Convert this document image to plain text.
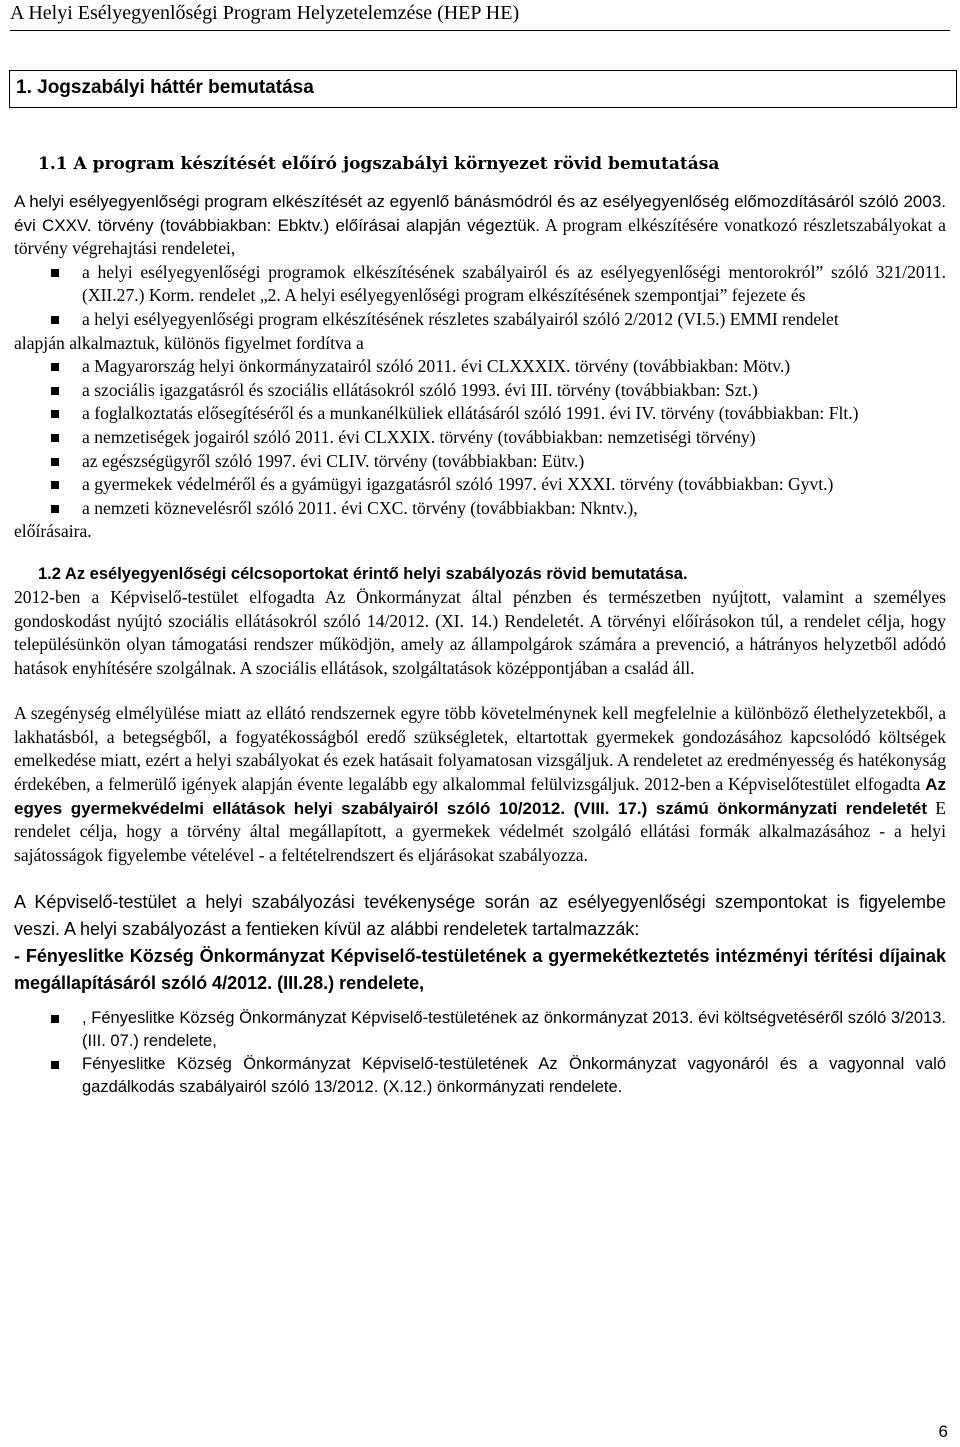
A Helyi Esélyegyenlőségi Program Helyzetelemzése (HEP HE)
1. Jogszabályi háttér bemutatása
1.1 A program készítését előíró jogszabályi környezet rövid bemutatása

A helyi esélyegyenlőségi program elkészítését az egyenlő bánásmódról és az esélyegyenlőség előmozdításáról szóló 2003. évi CXXV. törvény (továbbiakban: Ebktv.) előírásai alapján végeztük. A program elkészítésére vonatkozó részletszabályokat a törvény végrehajtási rendeletei,

a helyi esélyegyenlőségi programok elkészítésének szabályairól és az esélyegyenlőségi mentorokról” szóló 321/2011. (XII.27.) Korm. rendelet „2. A helyi esélyegyenlőségi program elkészítésének szempontjai” fejezete és
a helyi esélyegyenlőségi program elkészítésének részletes szabályairól szóló 2/2012 (VI.5.) EMMI rendelet

alapján alkalmaztuk, különös figyelmet fordítva a

a Magyarország helyi önkormányzatairól szóló 2011. évi CLXXXIX. törvény (továbbiakban: Mötv.)
a szociális igazgatásról és szociális ellátásokról szóló 1993. évi III. törvény (továbbiakban: Szt.)
a foglalkoztatás elősegítéséről és a munkanélküliek ellátásáról szóló 1991. évi IV. törvény (továbbiakban: Flt.)
a nemzetiségek jogairól szóló 2011. évi CLXXIX. törvény (továbbiakban: nemzetiségi törvény)
az egészségügyről szóló 1997. évi CLIV. törvény (továbbiakban: Eütv.)
a gyermekek védelméről és a gyámügyi igazgatásról szóló 1997. évi XXXI. törvény (továbbiakban: Gyvt.)
a nemzeti köznevelésről szóló 2011. évi CXC. törvény (továbbiakban: Nkntv.),

előírásaira.

1.2 Az esélyegyenlőségi célcsoportokat érintő helyi szabályozás rövid bemutatása.

2012-ben a Képviselő-testület elfogadta Az Önkormányzat által pénzben és természetben nyújtott, valamint a személyes gondoskodást nyújtó szociális ellátásokról szóló 14/2012. (XI. 14.) Rendeletét. A törvényi előírásokon túl, a rendelet célja, hogy településünkön olyan támogatási rendszer működjön, amely az állampolgárok számára a prevenció, a hátrányos helyzetből adódó hatások enyhítésére szolgálnak. A szociális ellátások, szolgáltatások középpontjában a család áll.

A szegénység elmélyülése miatt az ellátó rendszernek egyre több követelménynek kell megfelelnie a különböző élethelyzetekből, a lakhatásból, a betegségből, a fogyatékosságból eredő szükségletek, eltartottak gyermekek gondozásához kapcsolódó költségek emelkedése miatt, ezért a helyi szabályokat és ezek hatásait folyamatosan vizsgáljuk. A rendeletet az eredményesség és hatékonyság érdekében, a felmerülő igények alapján évente legalább egy alkalommal felülvizsgáljuk. 2012-ben a Képviselőtestület elfogadta Az egyes gyermekvédelmi ellátások helyi szabályairól szóló 10/2012. (VIII. 17.) számú önkormányzati rendeletét E rendelet célja, hogy a törvény által megállapított, a gyermekek védelmét szolgáló ellátási formák alkalmazásához - a helyi sajátosságok figyelembe vételével - a feltételrendszert és eljárásokat szabályozza.

A Képviselő-testület a helyi szabályozási tevékenysége során az esélyegyenlőségi szempontokat is figyelembe veszi. A helyi szabályozást a fentieken kívül az alábbi rendeletek tartalmazzák:

- Fényeslitke Község Önkormányzat Képviselő-testületének a gyermekétkeztetés intézményi térítési díjainak megállapításáról szóló 4/2012. (III.28.) rendelete,

, Fényeslitke Község Önkormányzat Képviselő-testületének az önkormányzat 2013. évi költségvetéséről szóló 3/2013. (III. 07.) rendelete,
Fényeslitke Község Önkormányzat Képviselő-testületének Az Önkormányzat vagyonáról és a vagyonnal való gazdálkodás szabályairól szóló 13/2012. (X.12.) önkormányzati rendelete.
6
